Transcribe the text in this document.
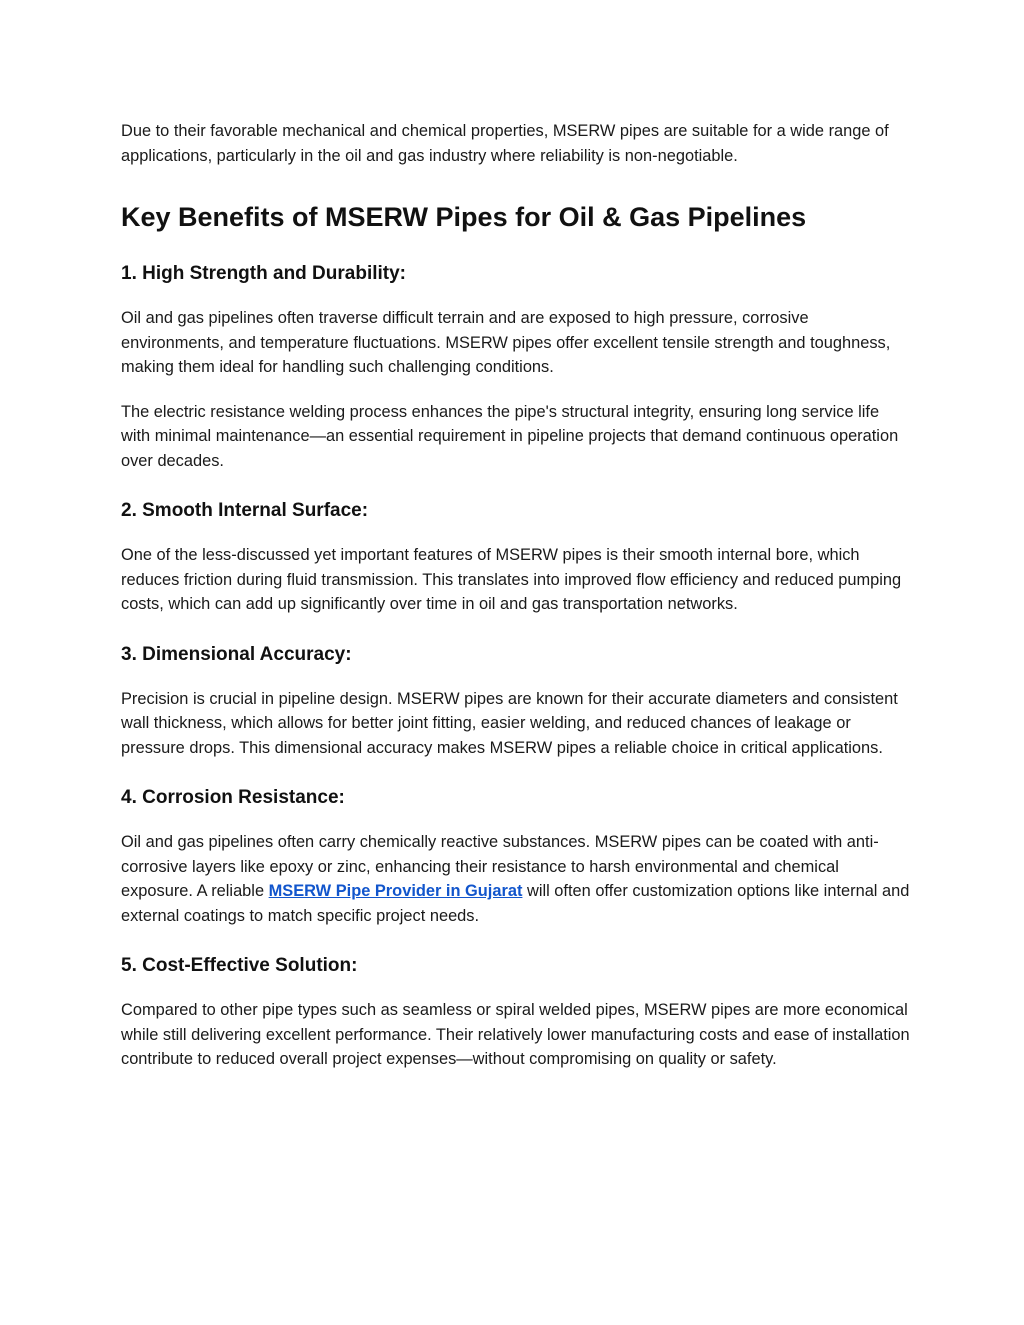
Due to their favorable mechanical and chemical properties, MSERW pipes are suitable for a wide range of applications, particularly in the oil and gas industry where reliability is non-negotiable.

Key Benefits of MSERW Pipes for Oil & Gas Pipelines
1. High Strength and Durability:

Oil and gas pipelines often traverse difficult terrain and are exposed to high pressure, corrosive environments, and temperature fluctuations. MSERW pipes offer excellent tensile strength and toughness, making them ideal for handling such challenging conditions.

The electric resistance welding process enhances the pipe's structural integrity, ensuring long service life with minimal maintenance—an essential requirement in pipeline projects that demand continuous operation over decades.

2. Smooth Internal Surface:

One of the less-discussed yet important features of MSERW pipes is their smooth internal bore, which reduces friction during fluid transmission. This translates into improved flow efficiency and reduced pumping costs, which can add up significantly over time in oil and gas transportation networks.

3. Dimensional Accuracy:

Precision is crucial in pipeline design. MSERW pipes are known for their accurate diameters and consistent wall thickness, which allows for better joint fitting, easier welding, and reduced chances of leakage or pressure drops. This dimensional accuracy makes MSERW pipes a reliable choice in critical applications.

4. Corrosion Resistance:

Oil and gas pipelines often carry chemically reactive substances. MSERW pipes can be coated with anti-corrosive layers like epoxy or zinc, enhancing their resistance to harsh environmental and chemical exposure. A reliable MSERW Pipe Provider in Gujarat will often offer customization options like internal and external coatings to match specific project needs.

5. Cost-Effective Solution:

Compared to other pipe types such as seamless or spiral welded pipes, MSERW pipes are more economical while still delivering excellent performance. Their relatively lower manufacturing costs and ease of installation contribute to reduced overall project expenses—without compromising on quality or safety.
